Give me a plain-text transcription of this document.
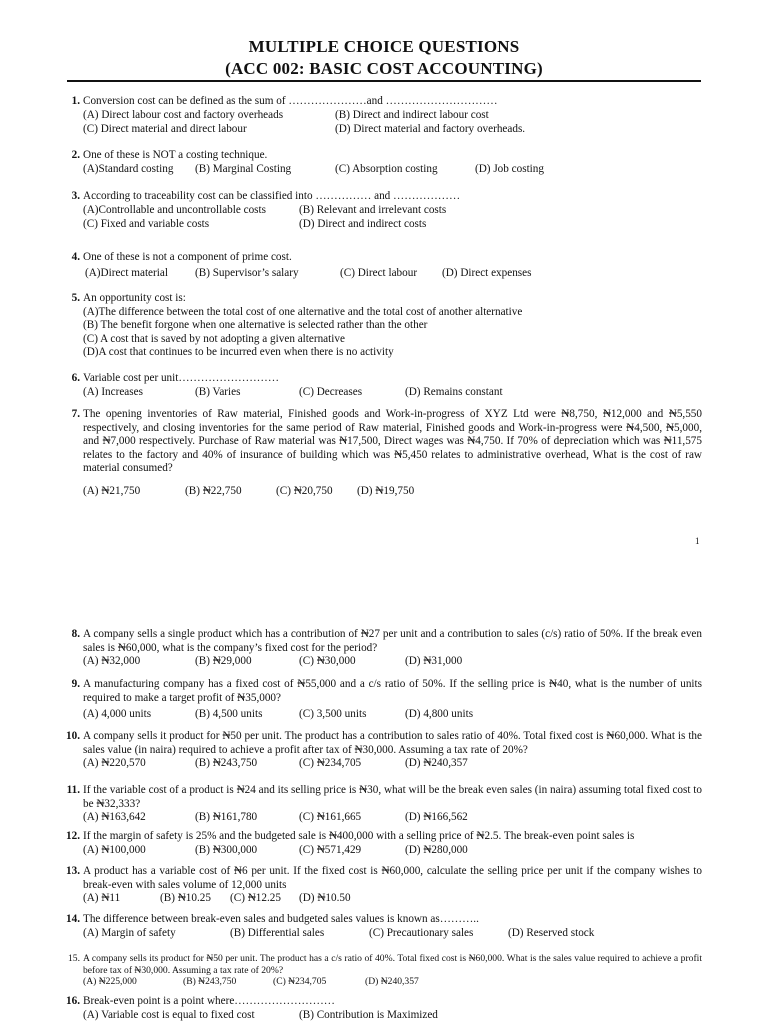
MULTIPLE CHOICE QUESTIONS
(ACC 002: BASIC COST ACCOUNTING)
1. Conversion cost can be defined as the sum of …………………and …………………………
(A) Direct labour cost and factory overheads	(B) Direct and indirect labour cost
(C) Direct material and direct labour	(D) Direct material and factory overheads.
2. One of these is NOT a costing technique.
(A)Standard costing (B) Marginal Costing	(C) Absorption costing	(D) Job costing
3. According to traceability cost can be classified into …………… and ………………
(A)Controllable and uncontrollable costs	(B) Relevant and irrelevant costs
(C) Fixed and variable costs	(D) Direct and indirect costs
4. One of these is not a component of prime cost.
(A)Direct material (B) Supervisor’s salary	(C) Direct labour (D) Direct expenses
5. An opportunity cost is:
(A)The difference between the total cost of one alternative and the total cost of another alternative
(B) The benefit forgone when one alternative is selected rather than the other
(C) A cost that is saved by not adopting a given alternative
(D)A cost that continues to be incurred even when there is no activity
6. Variable cost per unit………………………
(A) Increases	(B) Varies	(C) Decreases	(D) Remains constant
7. The opening inventories of Raw material, Finished goods and Work-in-progress of XYZ Ltd were ₦8,750, ₦12,000 and ₦5,550 respectively, and closing inventories for the same period of Raw material, Finished goods and Work-in-progress were ₦4,500, ₦5,000, and ₦7,000 respectively. Purchase of Raw material was ₦17,500, Direct wages was ₦4,750. If 70% of depreciation which was ₦11,575 relates to the factory and 40% of insurance of building which was ₦5,450 relates to administrative overhead, What is the cost of raw material consumed?
(A) ₦21,750	(B) ₦22,750	(C) ₦20,750 (D) ₦19,750
1
8. A company sells a single product which has a contribution of ₦27 per unit and a contribution to sales (c/s) ratio of 50%. If the break even sales is ₦60,000, what is the company’s fixed cost for the period?
(A) ₦32,000	(B) ₦29,000	(C) ₦30,000	(D) ₦31,000
9. A manufacturing company has a fixed cost of ₦55,000 and a c/s ratio of 50%. If the selling price is ₦40, what is the number of units required to make a target profit of ₦35,000?
(A) 4,000 units	(B) 4,500 units	(C) 3,500 units	(D) 4,800 units
10. A company sells it product for ₦50 per unit. The product has a contribution to sales ratio of 40%. Total fixed cost is ₦60,000. What is the sales value (in naira) required to achieve a profit after tax of ₦30,000. Assuming a tax rate of 20%?
(A) ₦220,570	(B) ₦243,750	(C) ₦234,705	(D) ₦240,357
11. If the variable cost of a product is ₦24 and its selling price is ₦30, what will be the break even sales (in naira) assuming total fixed cost to be ₦32,333?
(A) ₦163,642	(B) ₦161,780	(C) ₦161,665	(D) ₦166,562
12. If the margin of safety is 25% and the budgeted sale is ₦400,000 with a selling price of ₦2.5. The break-even point sales is
(A) ₦100,000	(B) ₦300,000	(C) ₦571,429	(D) ₦280,000
13. A product has a variable cost of ₦6 per unit. If the fixed cost is ₦60,000, calculate the selling price per unit if the company wishes to break-even with sales volume of 12,000 units
(A) ₦11	(B) ₦10.25 (C) ₦12.25 (D) ₦10.50
14. The difference between break-even sales and budgeted sales values is known as………..
(A) Margin of safety	(B) Differential sales	(C) Precautionary sales	(D) Reserved stock
15. A company sells its product for ₦50 per unit. The product has a c/s ratio of 40%. Total fixed cost is ₦60,000. What is the sales value required to achieve a profit before tax of ₦30,000. Assuming a tax rate of 20%?
(A) ₦225,000	(B) ₦243,750	(C) ₦234,705	(D) ₦240,357
16. Break-even point is a point where………………………
(A) Variable cost is equal to fixed cost	(B) Contribution is Maximized
